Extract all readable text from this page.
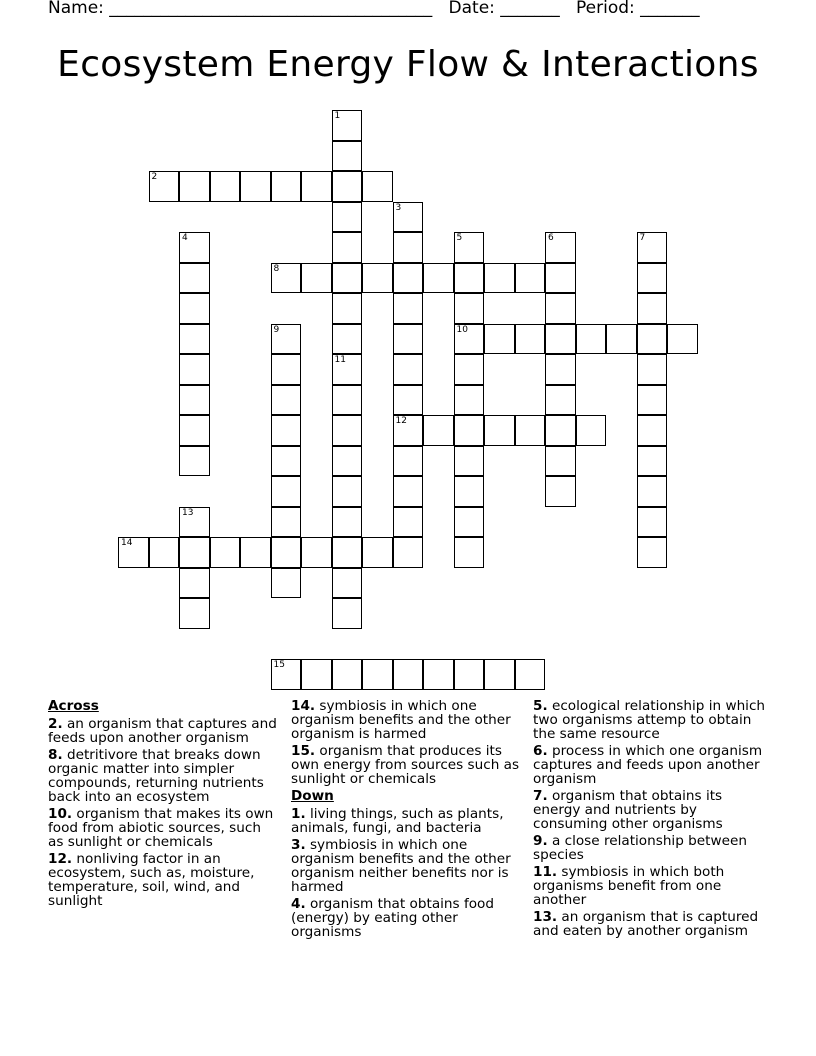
Name: ______________________________________ Date: _______ Period: _______
Ecosystem Energy Flow & Interactions
1
2
3
12
4	5
10
6	7
8
9
11
13
14
15
Across
2. an organism that captures and feeds upon another organism
8. detritivore that breaks down organic matter into simpler compounds, returning nutrients back into an ecosystem
10. organism that makes its own food from abiotic sources, such as sunlight or chemicals
12. nonliving factor in an ecosystem, such as, moisture, temperature, soil, wind, and sunlight
14. symbiosis in which one organism benefits and the other organism is harmed
15. organism that produces its own energy from sources such as sunlight or chemicals
Down
1. living things, such as plants, animals, fungi, and bacteria
3. symbiosis in which one organism benefits and the other organism neither benefits nor is harmed
4. organism that obtains food (energy) by eating other organisms
5. ecological relationship in which two organisms attemp to obtain the same resource
6. process in which one organism captures and feeds upon another organism
7. organism that obtains its energy and nutrients by consuming other organisms
9. a close relationship between species
11. symbiosis in which both organisms benefit from one another
13. an organism that is captured and eaten by another organism
